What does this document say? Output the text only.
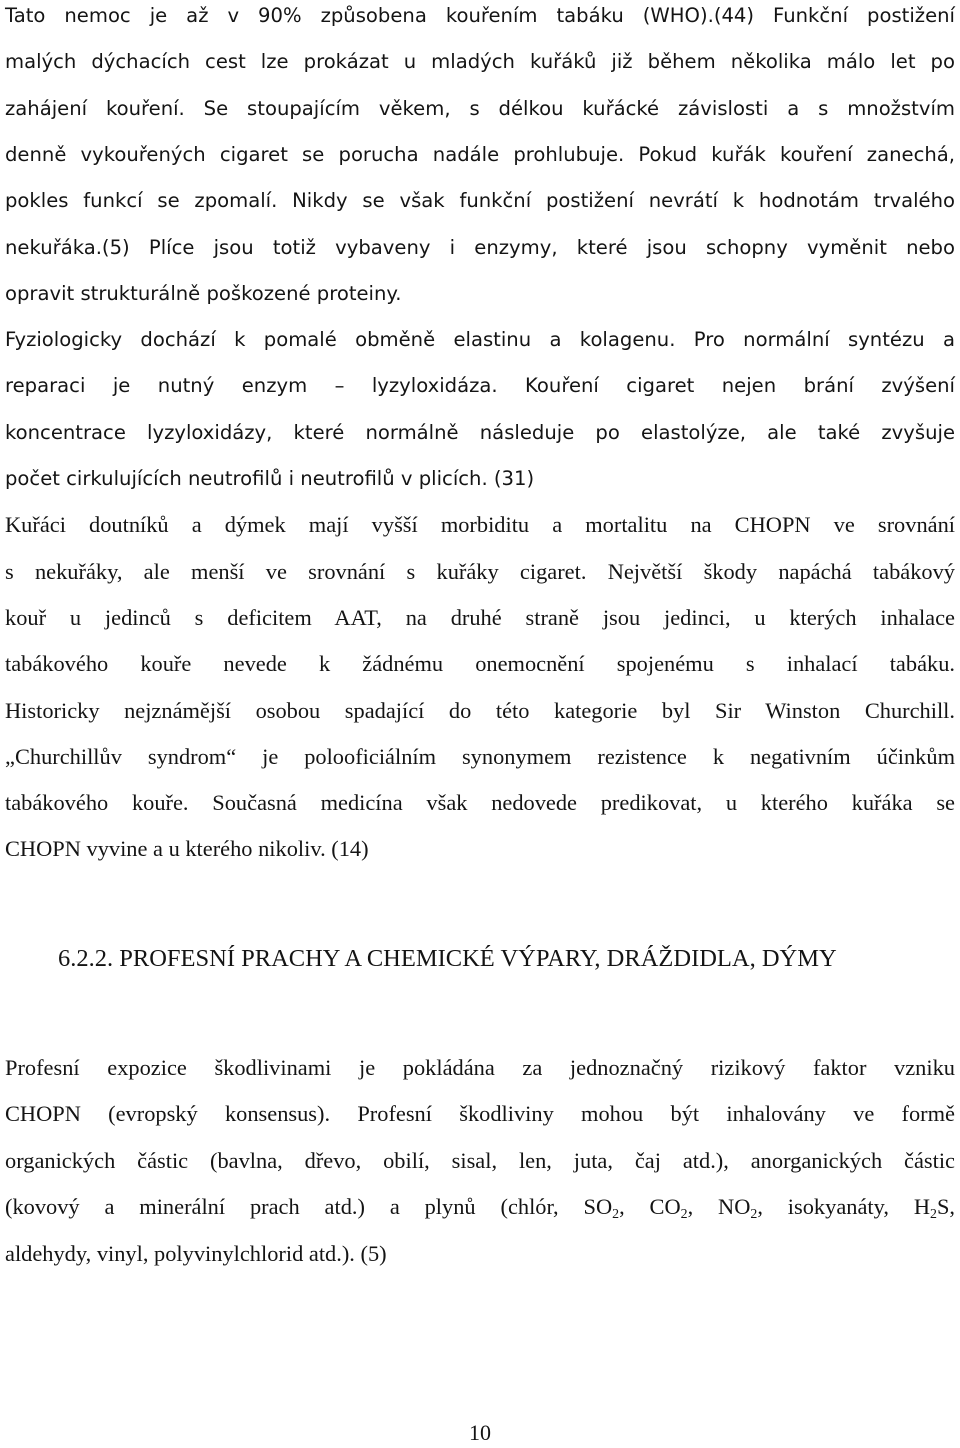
Tato nemoc je až v 90% způsobena kouřením tabáku (WHO).(44) Funkční postižení
malých dýchacích cest lze prokázat u mladých kuřáků již během několika málo let po
zahájení kouření. Se stoupajícím věkem, s délkou kuřácké závislosti a s množstvím
denně vykouřených cigaret se porucha nadále prohlubuje. Pokud kuřák kouření zanechá,
pokles funkcí se zpomalí. Nikdy se však funkční postižení nevrátí k hodnotám trvalého
nekuřáka.(5) Plíce jsou totiž vybaveny i enzymy, které jsou schopny vyměnit nebo
opravit strukturálně poškozené proteiny.
Fyziologicky dochází k pomalé obměně elastinu a kolagenu. Pro normální syntézu a
reparaci je nutný enzym – lyzyloxidáza. Kouření cigaret nejen brání zvýšení
koncentrace lyzyloxidázy, které normálně následuje po elastolýze, ale také zvyšuje
počet cirkulujících neutrofilů i neutrofilů v plicích. (31)
Kuřáci doutníků a dýmek mají vyšší morbiditu a mortalitu na CHOPN ve srovnání
s nekuřáky, ale menší ve srovnání s kuřáky cigaret. Největší škody napáchá tabákový
kouř u jedinců s deficitem AAT, na druhé straně jsou jedinci, u kterých inhalace
tabákového kouře nevede k žádnému onemocnění spojenému s inhalací tabáku.
Historicky nejznámější osobou spadající do této kategorie byl Sir Winston Churchill.
„Churchillův syndrom“ je polooficiálním synonymem rezistence k negativním účinkům
tabákového kouře. Současná medicína však nedovede predikovat, u kterého kuřáka se
CHOPN vyvine a u kterého nikoliv. (14)
6.2.2. PROFESNÍ PRACHY A CHEMICKÉ VÝPARY, DRÁŽDIDLA, DÝMY
Profesní expozice škodlivinami je pokládána za jednoznačný rizikový faktor vzniku
CHOPN (evropský konsensus). Profesní škodliviny mohou být inhalovány ve formě
organických částic (bavlna, dřevo, obilí, sisal, len, juta, čaj atd.), anorganických částic
(kovový a minerální prach atd.) a plynů (chlór, $SO_2$, $CO_2$, $NO_2$, isokyanáty, $H_2S$,
aldehydy, vinyl, polyvinylchlorid atd.). (5)
10
